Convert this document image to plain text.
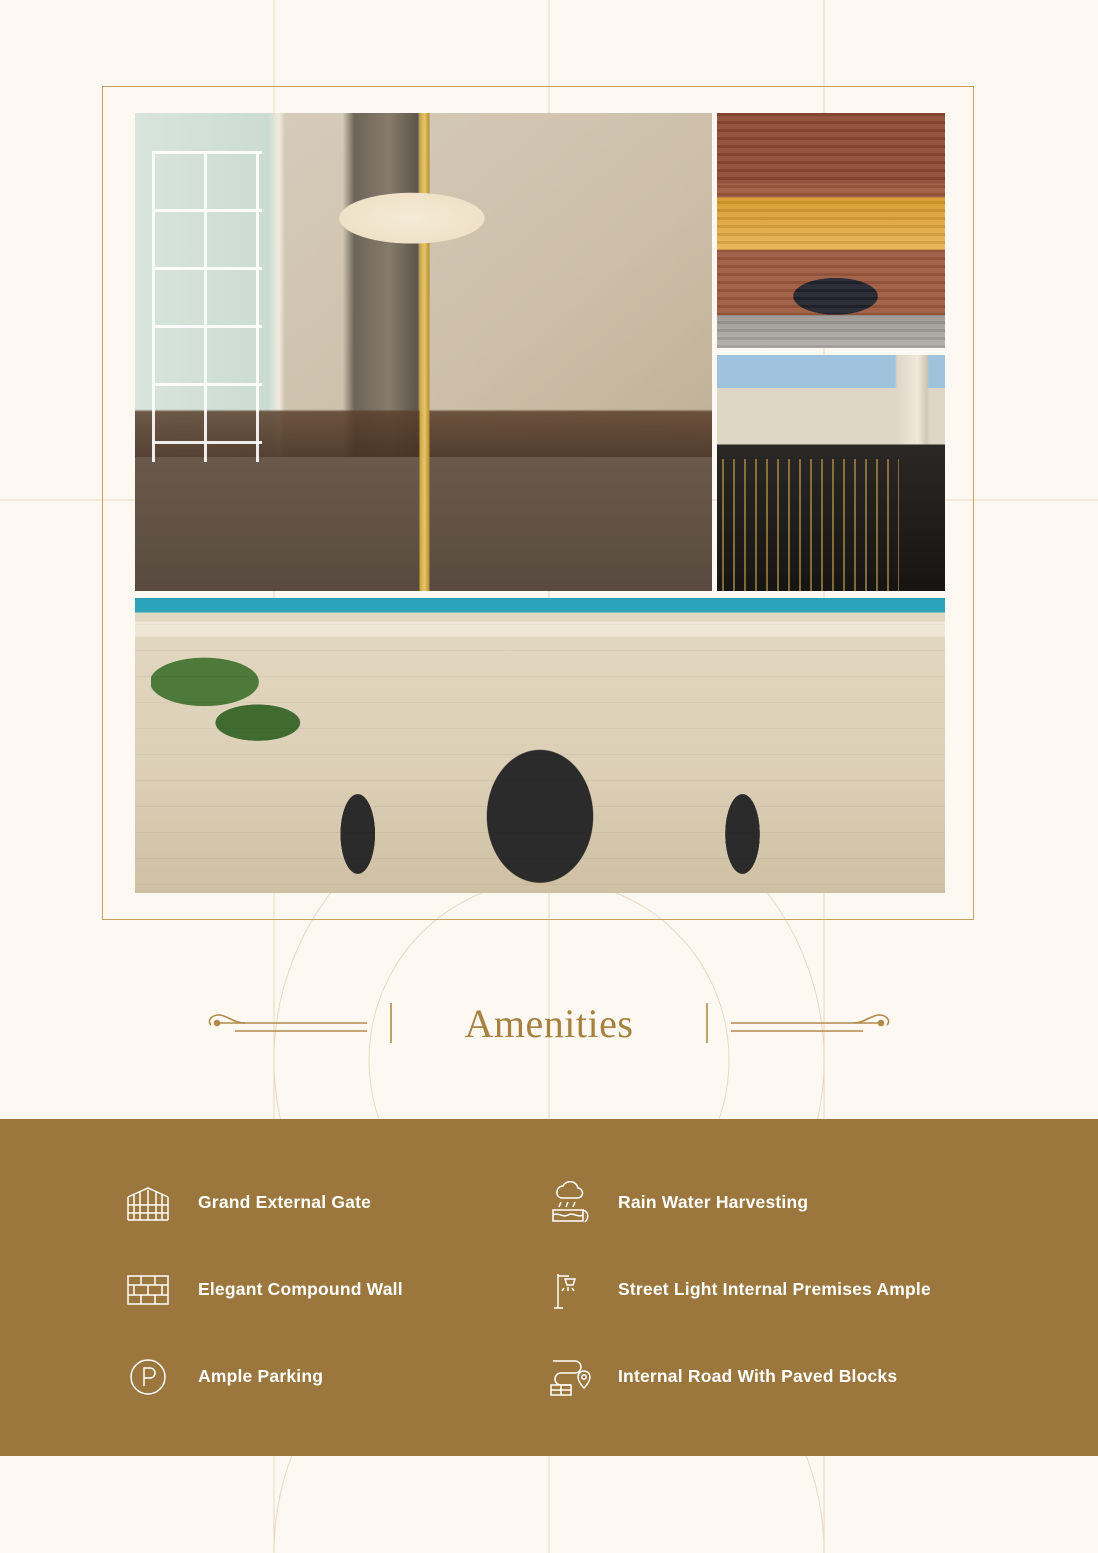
Amenities
Grand External Gate	Rain Water Harvesting
Elegant Compound Wall	Street Light Internal Premises Ample
Ample Parking	Internal Road With Paved Blocks
